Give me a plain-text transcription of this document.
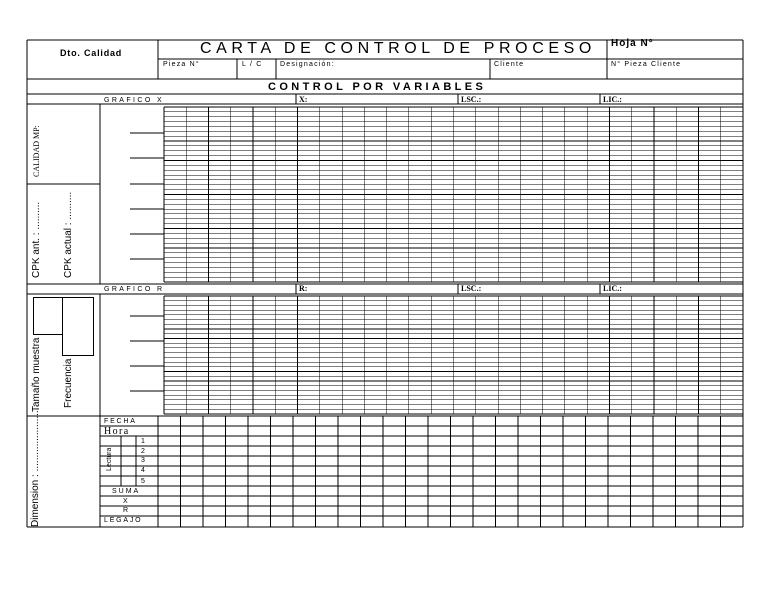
Dto. Calidad	CARTA DE CONTROL DE PROCESO Hoja N°
Pieza N°	L / C Designación:	Cliente	N° Pieza Cliente
CONTROL POR VARIABLES
GRAFICO X	X:	LSC.:	LIC.:
CALIDAD MP:
CPK ant. : .......... CPK actual : ..........
GRAFICO R	R:	LSC.:	LIC.:
Tamaño muestra Frecuencia
FECHA
Hora
Lectura
1
2
3
4
5
SUMA
X
R
LEGAJO
Dimension : ........................
